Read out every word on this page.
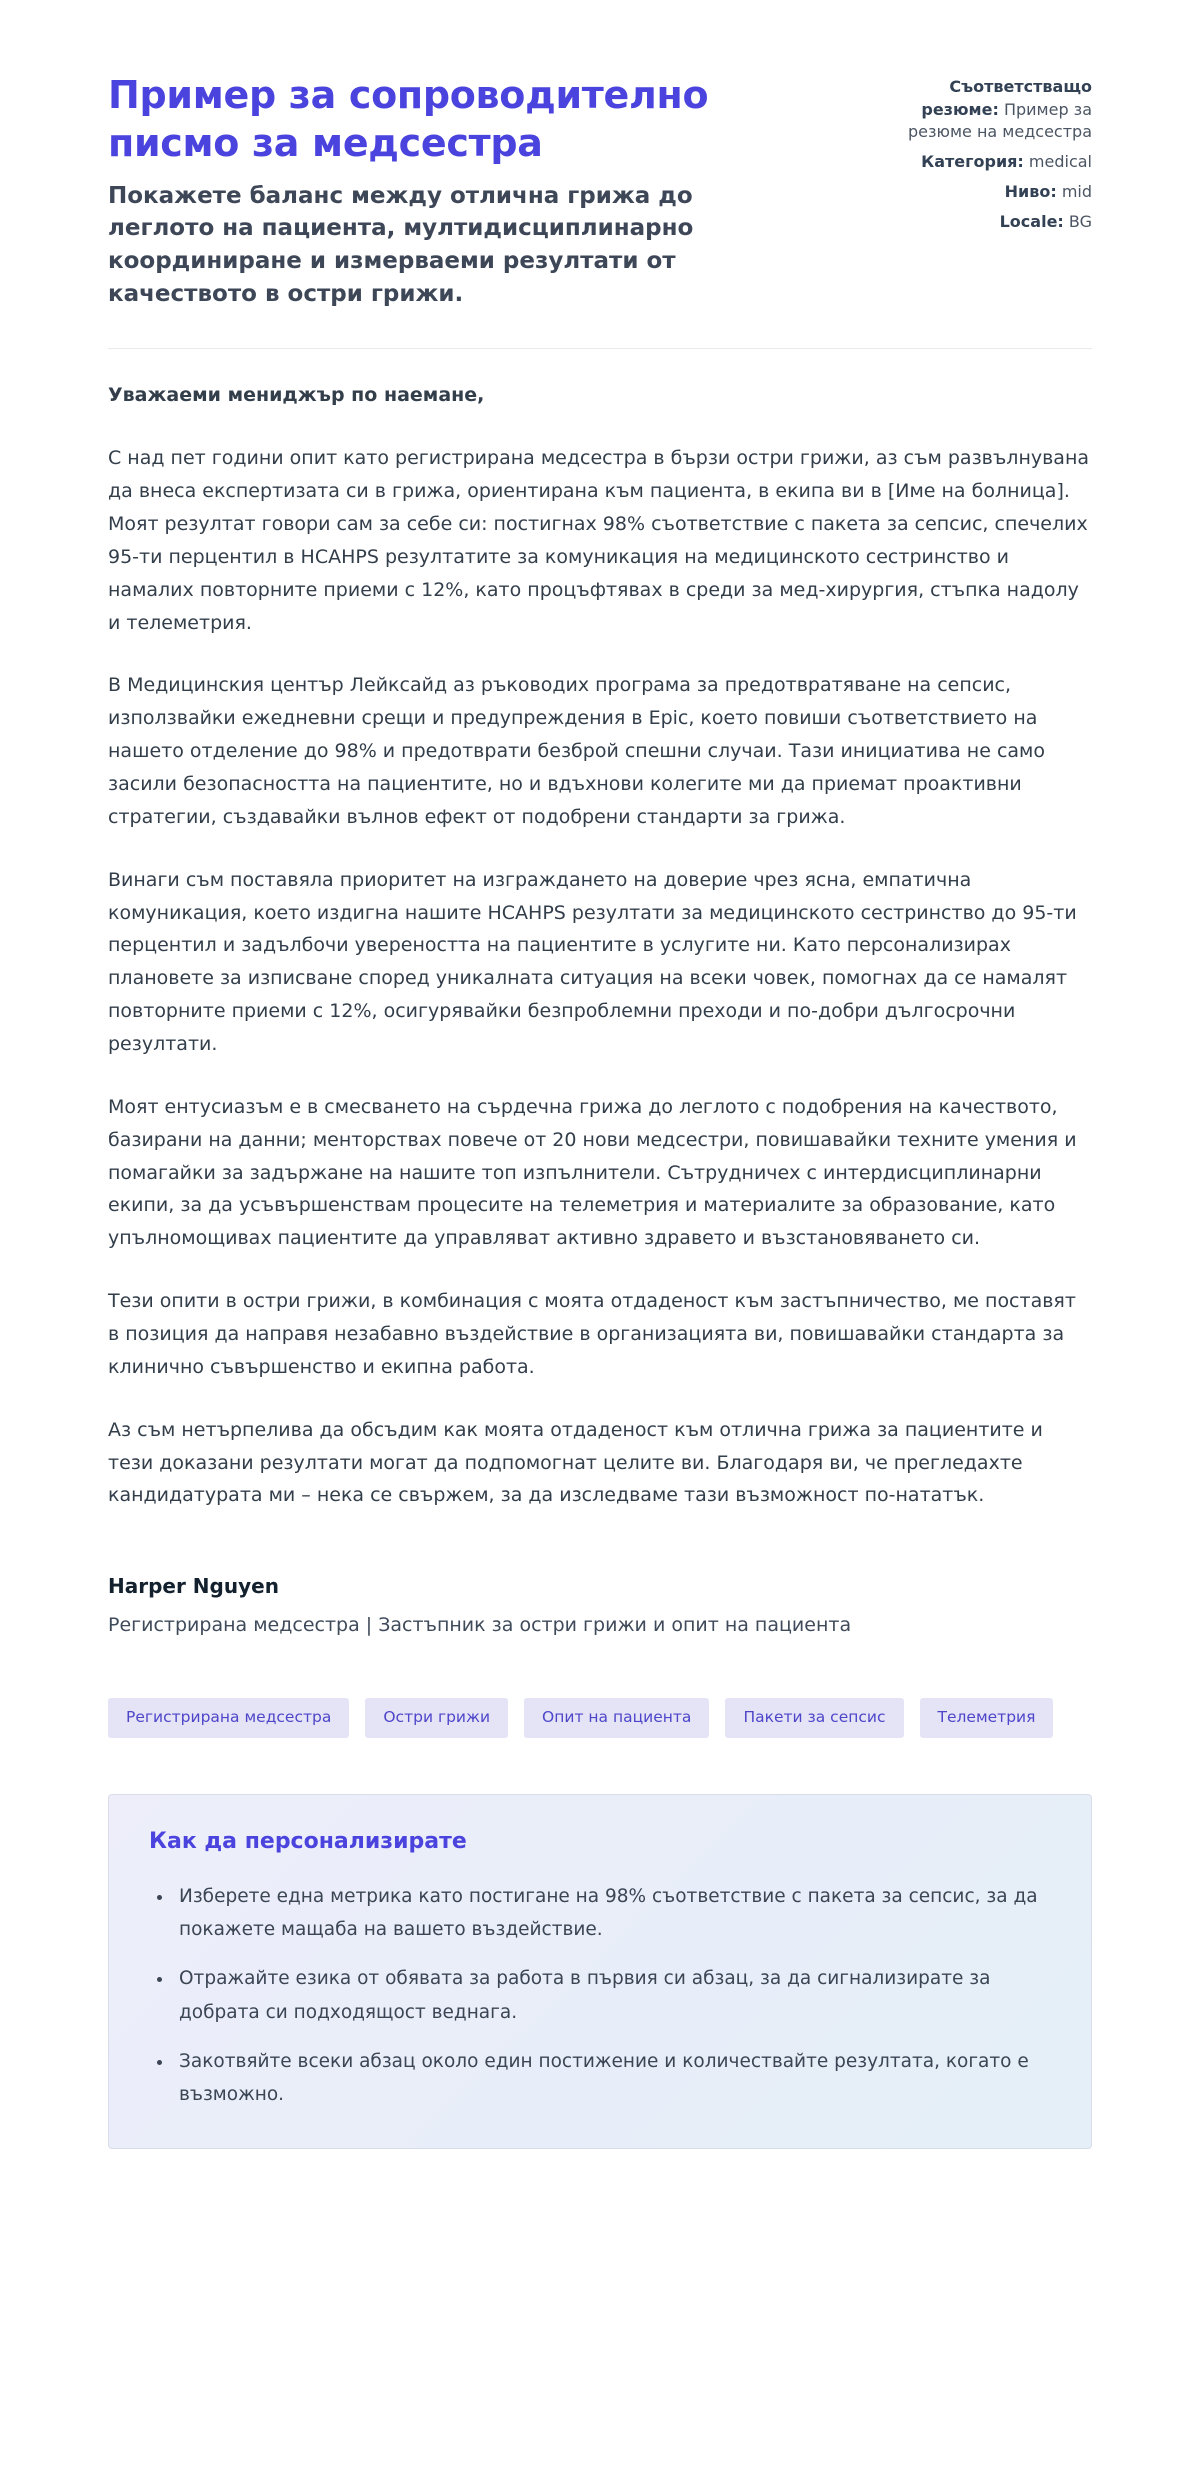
Пример за сопроводително писмо за медсестра

Покажете баланс между отлична грижа до леглото на пациента, мултидисциплинарно координиране и измерваеми резултати от качеството в остри грижи.

Съответстващо резюме: Пример за резюме на медсестра
Категория: medical
Ниво: mid
Locale: BG

Уважаеми мениджър по наемане,

С над пет години опит като регистрирана медсестра в бързи остри грижи, аз съм развълнувана да внеса експертизата си в грижа, ориентирана към пациента, в екипа ви в [Име на болница]. Моят резултат говори сам за себе си: постигнах 98% съответствие с пакета за сепсис, спечелих 95-ти перцентил в HCAHPS резултатите за комуникация на медицинското сестринство и намалих повторните приеми с 12%, като процъфтявах в среди за мед-хирургия, стъпка надолу и телеметрия.

В Медицинския център Лейксайд аз ръководих програма за предотвратяване на сепсис, използвайки ежедневни срещи и предупреждения в Epic, което повиши съответствието на нашето отделение до 98% и предотврати безброй спешни случаи. Тази инициатива не само засили безопасността на пациентите, но и вдъхнови колегите ми да приемат проактивни стратегии, създавайки вълнов ефект от подобрени стандарти за грижа.

Винаги съм поставяла приоритет на изграждането на доверие чрез ясна, емпатична комуникация, което издигна нашите HCAHPS резултати за медицинското сестринство до 95-ти перцентил и задълбочи увереността на пациентите в услугите ни. Като персонализирах плановете за изписване според уникалната ситуация на всеки човек, помогнах да се намалят повторните приеми с 12%, осигурявайки безпроблемни преходи и по-добри дългосрочни резултати.

Моят ентусиазъм е в смесването на сърдечна грижа до леглото с подобрения на качеството, базирани на данни; менторствах повече от 20 нови медсестри, повишавайки техните умения и помагайки за задържане на нашите топ изпълнители. Сътрудничех с интердисциплинарни екипи, за да усъвършенствам процесите на телеметрия и материалите за образование, като упълномощивах пациентите да управляват активно здравето и възстановяването си.

Тези опити в остри грижи, в комбинация с моята отдаденост към застъпничество, ме поставят в позиция да направя незабавно въздействие в организацията ви, повишавайки стандарта за клинично съвършенство и екипна работа.

Аз съм нетърпелива да обсъдим как моята отдаденост към отлична грижа за пациентите и тези доказани резултати могат да подпомогнат целите ви. Благодаря ви, че прегледахте кандидатурата ми – нека се свържем, за да изследваме тази възможност по-нататък.

Harper Nguyen
Регистрирана медсестра | Застъпник за остри грижи и опит на пациента
Регистрирана медсестра	Остри грижи	Опит на пациента	Пакети за сепсис	Телеметрия
Как да персонализирате
• Изберете една метрика като постигане на 98% съответствие с пакета за сепсис, за да покажете мащаба на вашето въздействие.
• Отражайте езика от обявата за работа в първия си абзац, за да сигнализирате за добрата си подходящост веднага.
• Закотвяйте всеки абзац около един постижение и количествайте резултата, когато е възможно.
